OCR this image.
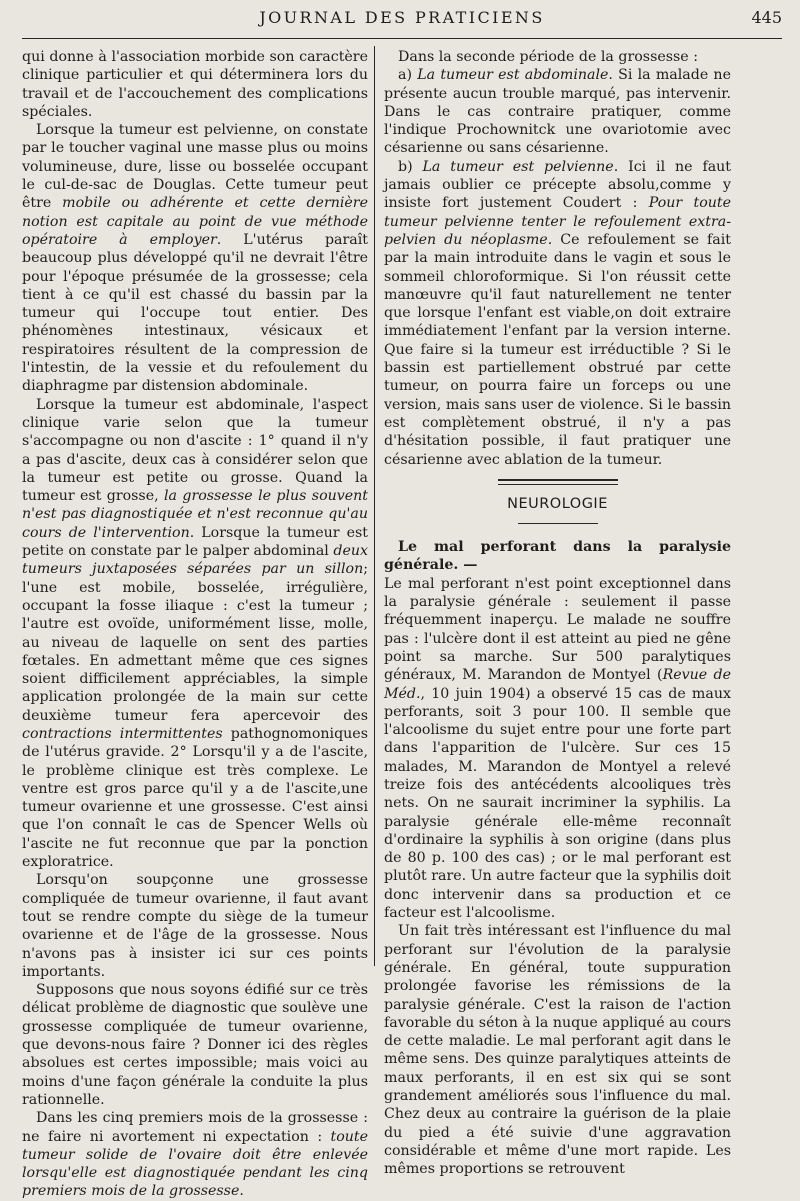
JOURNAL DES PRATICIENS	445

qui donne à l'association morbide son caractère clinique particulier et qui déterminera lors du travail et de l'accouchement des complications spéciales.

Lorsque la tumeur est pelvienne, on constate par le toucher vaginal une masse plus ou moins volumineuse, dure, lisse ou bosselée occupant le cul-de-sac de Douglas. Cette tumeur peut être mobile ou adhérente et cette dernière notion est capitale au point de vue méthode opératoire à employer. L'utérus paraît beaucoup plus développé qu'il ne devrait l'être pour l'époque présumée de la grossesse; cela tient à ce qu'il est chassé du bassin par la tumeur qui l'occupe tout entier. Des phénomènes intestinaux, vésicaux et respiratoires résultent de la compression de l'intestin, de la vessie et du refoulement du diaphragme par distension abdominale.

Lorsque la tumeur est abdominale, l'aspect clinique varie selon que la tumeur s'accompagne ou non d'ascite : 1° quand il n'y a pas d'ascite, deux cas à considérer selon que la tumeur est petite ou grosse. Quand la tumeur est grosse, la grossesse le plus souvent n'est pas diagnostiquée et n'est reconnue qu'au cours de l'intervention. Lorsque la tumeur est petite on constate par le palper abdominal deux tumeurs juxtaposées séparées par un sillon; l'une est mobile, bosselée, irrégulière, occupant la fosse iliaque : c'est la tumeur ; l'autre est ovoïde, uniformément lisse, molle, au niveau de laquelle on sent des parties fœtales. En admettant même que ces signes soient difficilement appréciables, la simple application prolongée de la main sur cette deuxième tumeur fera apercevoir des contractions intermittentes pathognomoniques de l'utérus gravide. 2° Lorsqu'il y a de l'ascite, le problème clinique est très complexe. Le ventre est gros parce qu'il y a de l'ascite,une tumeur ovarienne et une grossesse. C'est ainsi que l'on connaît le cas de Spencer Wells où l'ascite ne fut reconnue que par la ponction exploratrice.

Lorsqu'on soupçonne une grossesse compliquée de tumeur ovarienne, il faut avant tout se rendre compte du siège de la tumeur ovarienne et de l'âge de la grossesse. Nous n'avons pas à insister ici sur ces points importants.

Supposons que nous soyons édifié sur ce très délicat problème de diagnostic que soulève une grossesse compliquée de tumeur ovarienne, que devons-nous faire ? Donner ici des règles absolues est certes impossible; mais voici au moins d'une façon générale la conduite la plus rationnelle.

Dans les cinq premiers mois de la grossesse : ne faire ni avortement ni expectation : toute tumeur solide de l'ovaire doit être enlevée lorsqu'elle est diagnostiquée pendant les cinq premiers mois de la grossesse.

Dans la seconde période de la grossesse :

a) La tumeur est abdominale. Si la malade ne présente aucun trouble marqué, pas intervenir. Dans le cas contraire pratiquer, comme l'indique Prochownitck une ovariotomie avec césarienne ou sans césarienne.

b) La tumeur est pelvienne. Ici il ne faut jamais oublier ce précepte absolu,comme y insiste fort justement Coudert : Pour toute tumeur pelvienne tenter le refoulement extra-pelvien du néoplasme. Ce refoulement se fait par la main introduite dans le vagin et sous le sommeil chloroformique. Si l'on réussit cette manœuvre qu'il faut naturellement ne tenter que lorsque l'enfant est viable,on doit extraire immédiatement l'enfant par la version interne. Que faire si la tumeur est irréductible ? Si le bassin est partiellement obstrué par cette tumeur, on pourra faire un forceps ou une version, mais sans user de violence. Si le bassin est complètement obstrué, il n'y a pas d'hésitation possible, il faut pratiquer une césarienne avec ablation de la tumeur.

NEUROLOGIE

Le mal perforant dans la paralysie générale. —

Le mal perforant n'est point exceptionnel dans la paralysie générale : seulement il passe fréquemment inaperçu. Le malade ne souffre pas : l'ulcère dont il est atteint au pied ne gêne point sa marche. Sur 500 paralytiques généraux, M. Marandon de Montyel (Revue de Méd., 10 juin 1904) a observé 15 cas de maux perforants, soit 3 pour 100. Il semble que l'alcoolisme du sujet entre pour une forte part dans l'apparition de l'ulcère. Sur ces 15 malades, M. Marandon de Montyel a relevé treize fois des antécédents alcooliques très nets. On ne saurait incriminer la syphilis. La paralysie générale elle-même reconnaît d'ordinaire la syphilis à son origine (dans plus de 80 p. 100 des cas) ; or le mal perforant est plutôt rare. Un autre facteur que la syphilis doit donc intervenir dans sa production et ce facteur est l'alcoolisme.

Un fait très intéressant est l'influence du mal perforant sur l'évolution de la paralysie générale. En général, toute suppuration prolongée favorise les rémissions de la paralysie générale. C'est la raison de l'action favorable du séton à la nuque appliqué au cours de cette maladie. Le mal perforant agit dans le même sens. Des quinze paralytiques atteints de maux perforants, il en est six qui se sont grandement améliorés sous l'influence du mal. Chez deux au contraire la guérison de la plaie du pied a été suivie d'une aggravation considérable et même d'une mort rapide. Les mêmes proportions se retrouvent
